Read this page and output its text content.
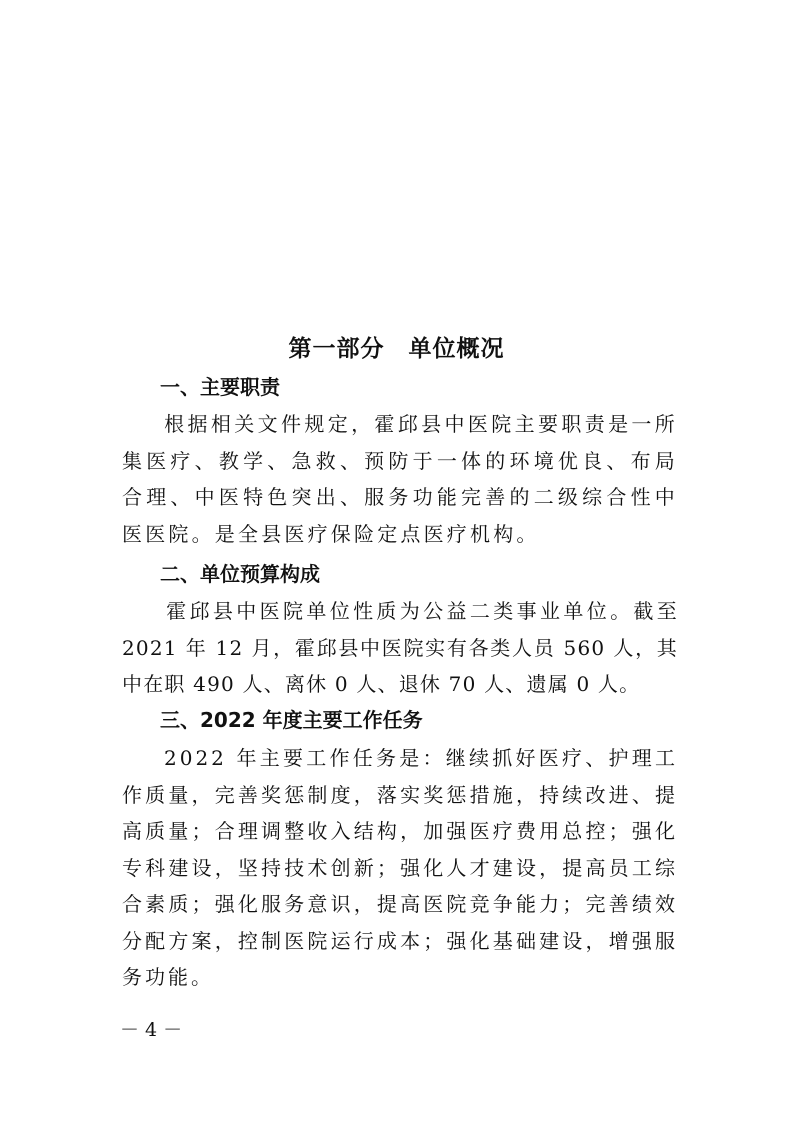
第一部分　单位概况
一、主要职责
根据相关文件规定，霍邱县中医院主要职责是一所集医疗、教学、急救、预防于一体的环境优良、布局合理、中医特色突出、服务功能完善的二级综合性中医医院。是全县医疗保险定点医疗机构。
二、单位预算构成
霍邱县中医院单位性质为公益二类事业单位。截至 2021 年 12 月，霍邱县中医院实有各类人员 560 人，其中在职 490 人、离休 0 人、退休 70 人、遗属 0 人。
三、2022 年度主要工作任务
2022 年主要工作任务是：继续抓好医疗、护理工作质量，完善奖惩制度，落实奖惩措施，持续改进、提高质量；合理调整收入结构，加强医疗费用总控；强化专科建设，坚持技术创新；强化人才建设，提高员工综合素质；强化服务意识，提高医院竞争能力；完善绩效分配方案，控制医院运行成本；强化基础建设，增强服务功能。
－ 4 －
